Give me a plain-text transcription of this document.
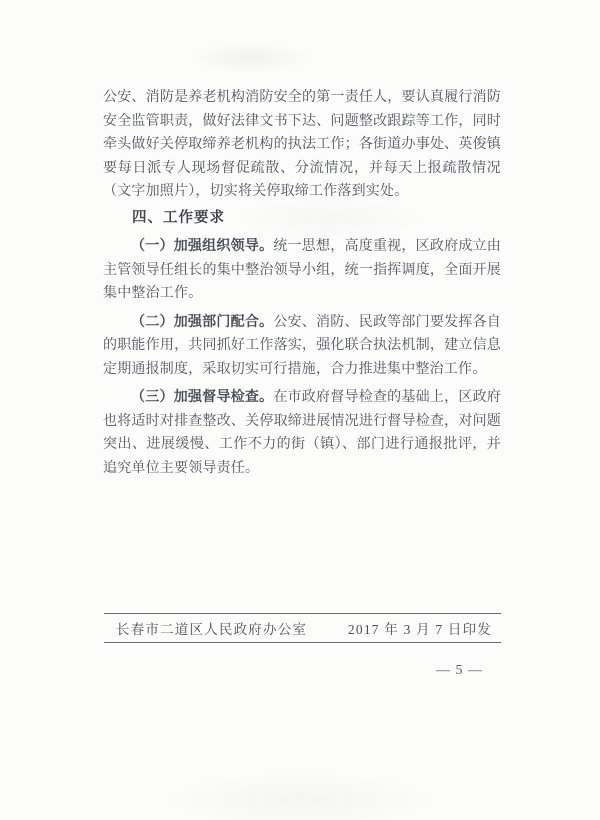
公安、消防是养老机构消防安全的第一责任人，要认真履行消防安全监管职责，做好法律文书下达、问题整改跟踪等工作，同时牵头做好关停取缔养老机构的执法工作；各街道办事处、英俊镇要每日派专人现场督促疏散、分流情况，并每天上报疏散情况（文字加照片），切实将关停取缔工作落到实处。

四、工作要求

（一）加强组织领导。统一思想，高度重视，区政府成立由主管领导任组长的集中整治领导小组，统一指挥调度，全面开展集中整治工作。

（二）加强部门配合。公安、消防、民政等部门要发挥各自的职能作用，共同抓好工作落实，强化联合执法机制，建立信息定期通报制度，采取切实可行措施，合力推进集中整治工作。

（三）加强督导检查。在市政府督导检查的基础上，区政府也将适时对排查整改、关停取缔进展情况进行督导检查，对问题突出、进展缓慢、工作不力的街（镇）、部门进行通报批评，并追究单位主要领导责任。

长春市二道区人民政府办公室	2017 年 3 月 7 日印发
— 5 —
